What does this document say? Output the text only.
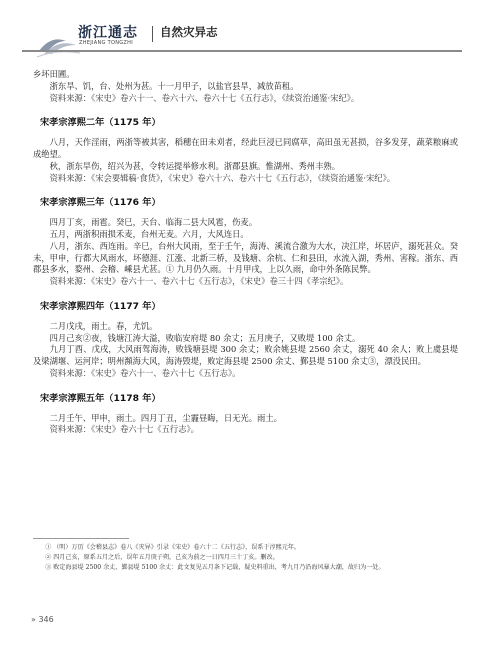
浙江通志
ZHEJIANG TONGZHI
自然灾异志

乡坏田圃。

浙东旱、饥，台、处州为甚。十一月甲子，以盐官县旱，减放苗租。

资料来源：《宋史》卷六十一、卷六十六、卷六十七《五行志》，《续资治通鉴·宋纪》。

宋孝宗淳熙二年（1175 年）

八月，天作淫雨，两浙等被其害，稻穗在田未刈者，经此巨浸已同腐草，高田虽无甚损，谷多发芽，蔬菜粮麻或成绝望。

秋，浙东旱伤，绍兴为甚，令转运提举修水利。浙郡县旗。惟湖州、秀州丰熟。

资料来源：《宋会要辑稿·食货》，《宋史》卷六十六、卷六十七《五行志》，《续资治通鉴·宋纪》。

宋孝宗淳熙三年（1176 年）

四月丁亥，雨雹。癸巳，天台、临海二县大风雹，伤麦。

五月，两浙积雨损禾麦，台州无麦。六月，大风连日。

八月，浙东、西连雨。辛巳，台州大风雨，至于壬午，海涛、溪流合激为大水，决江岸，坏居庐，溺死甚众。癸未，甲申，行都大风雨水，坏德涯、江涨、北新三桥，及钱塘、余杭、仁和县田，水流入湖，秀州、害稼。浙东、西郡县多水，婺州、会稽、嵊县尤甚。① 九月仍久雨。十月甲戌，上以久雨，命中外条陈民弊。

资料来源：《宋史》卷六十一、卷六十七《五行志》，《宋史》卷三十四《孝宗纪》。

宋孝宗淳熙四年（1177 年）

二月戊戌，雨土。春，尤饥。

四月己亥②夜，钱塘江涛大溢，败临安府堤 80 余丈；五月庚子，又败堤 100 余丈。

九月丁酉、戊戌，大风雨驾海涛，败钱塘县堤 300 余丈；败余姚县堤 2560 余丈，溺死 40 余人；败上虞县堤及梁湖堰、运河岸；明州瀕海大风，海涛毁堤，败定海县堤 2500 余丈、鄞县堤 5100 余丈③，漂没民田。

资料来源：《宋史》卷六十一、卷六十七《五行志》。

宋孝宗淳熙五年（1178 年）

二月壬午、甲申，雨土。四月丁丑，尘霾昼晦，日无光。雨土。

资料来源：《宋史》卷六十七《五行志》。

① （明）万历《会稽县志》卷八《灾异》引录《宋史》卷六十二《五行志》，误系于淳熙元年。

② 四月己亥，原系五月之后，误年五月庚子朔，己亥为前之一日四月三十丁亥。删改。

③ 败定海县堤 2500 余丈、鄞县堤 5100 余丈：此文复见五月条下记载，疑史料重出，考九月乃沿海风暴大潮，故归为一处。

» 346
